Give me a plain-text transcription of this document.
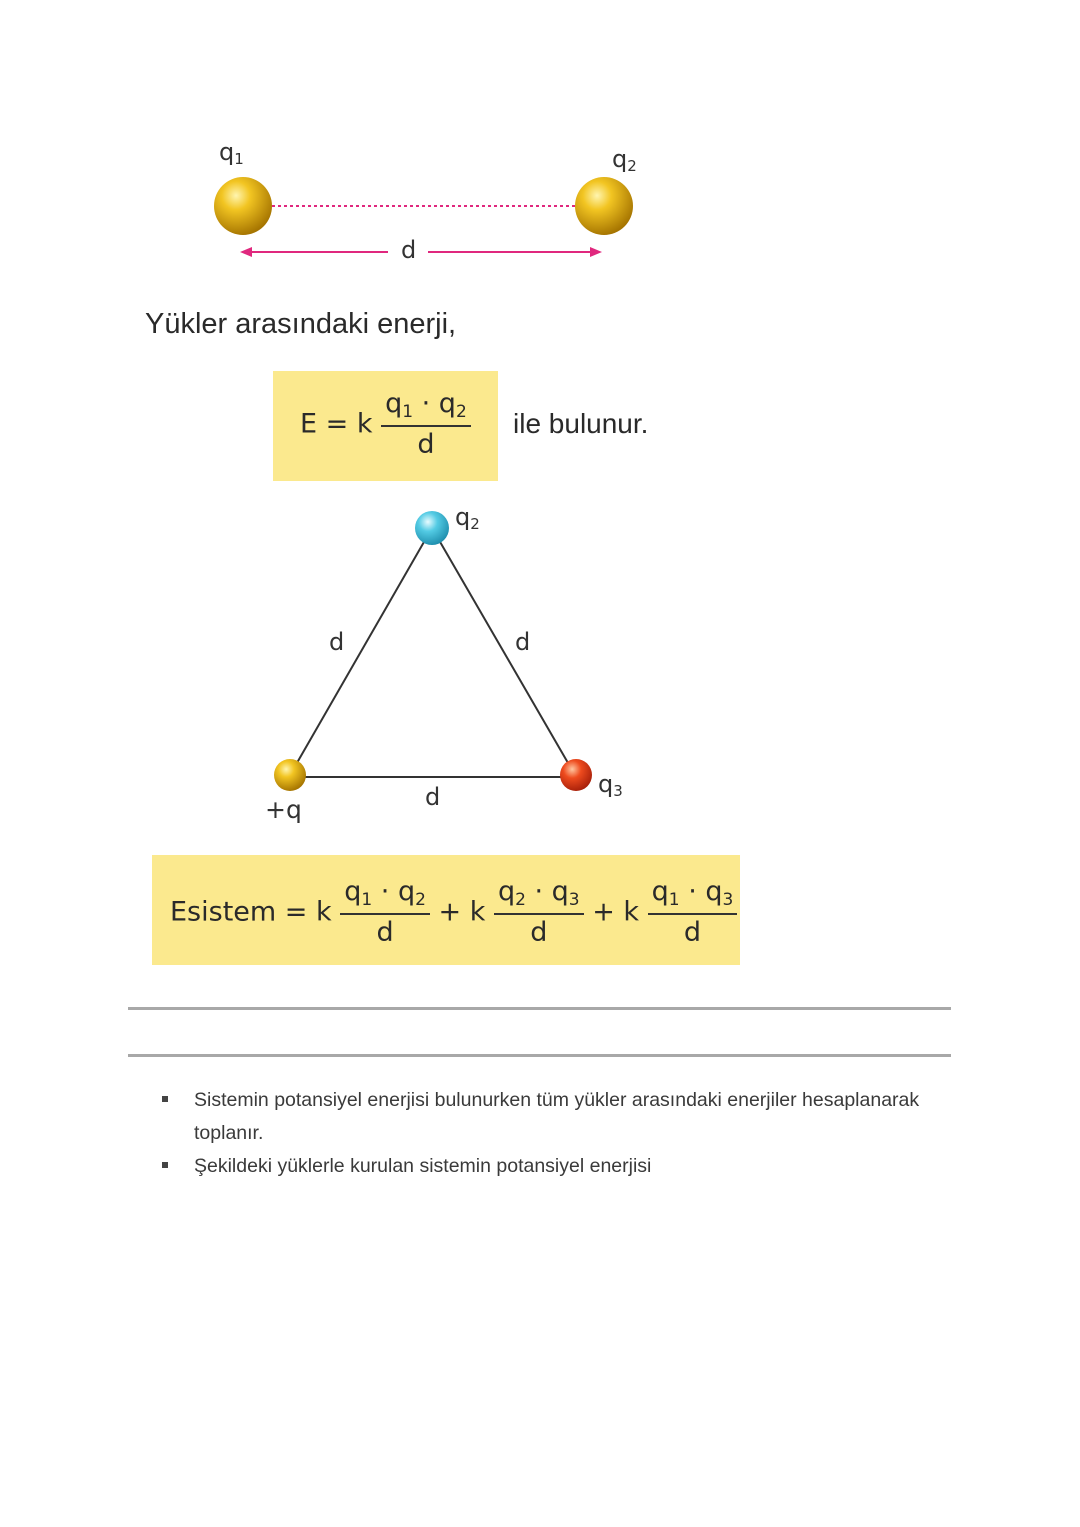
$q_1$	$q_2$
d
Yükler arasındaki enerji,
E = k $\frac{q_1 \cdot q_2}{d}$ ile bulunur.
$q_2$
+q
$q_3$
d	d
d
Esistem = k $\frac{q_1 \cdot q_2}{d} + k \frac{q_2 \cdot q_3}{d} + k \frac{q_1 \cdot q_3}{d}$
Sistemin potansiyel enerjisi bulunurken tüm yükler arasındaki enerjiler hesaplanarak toplanır.
Şekildeki yüklerle kurulan sistemin potansiyel enerjisi
